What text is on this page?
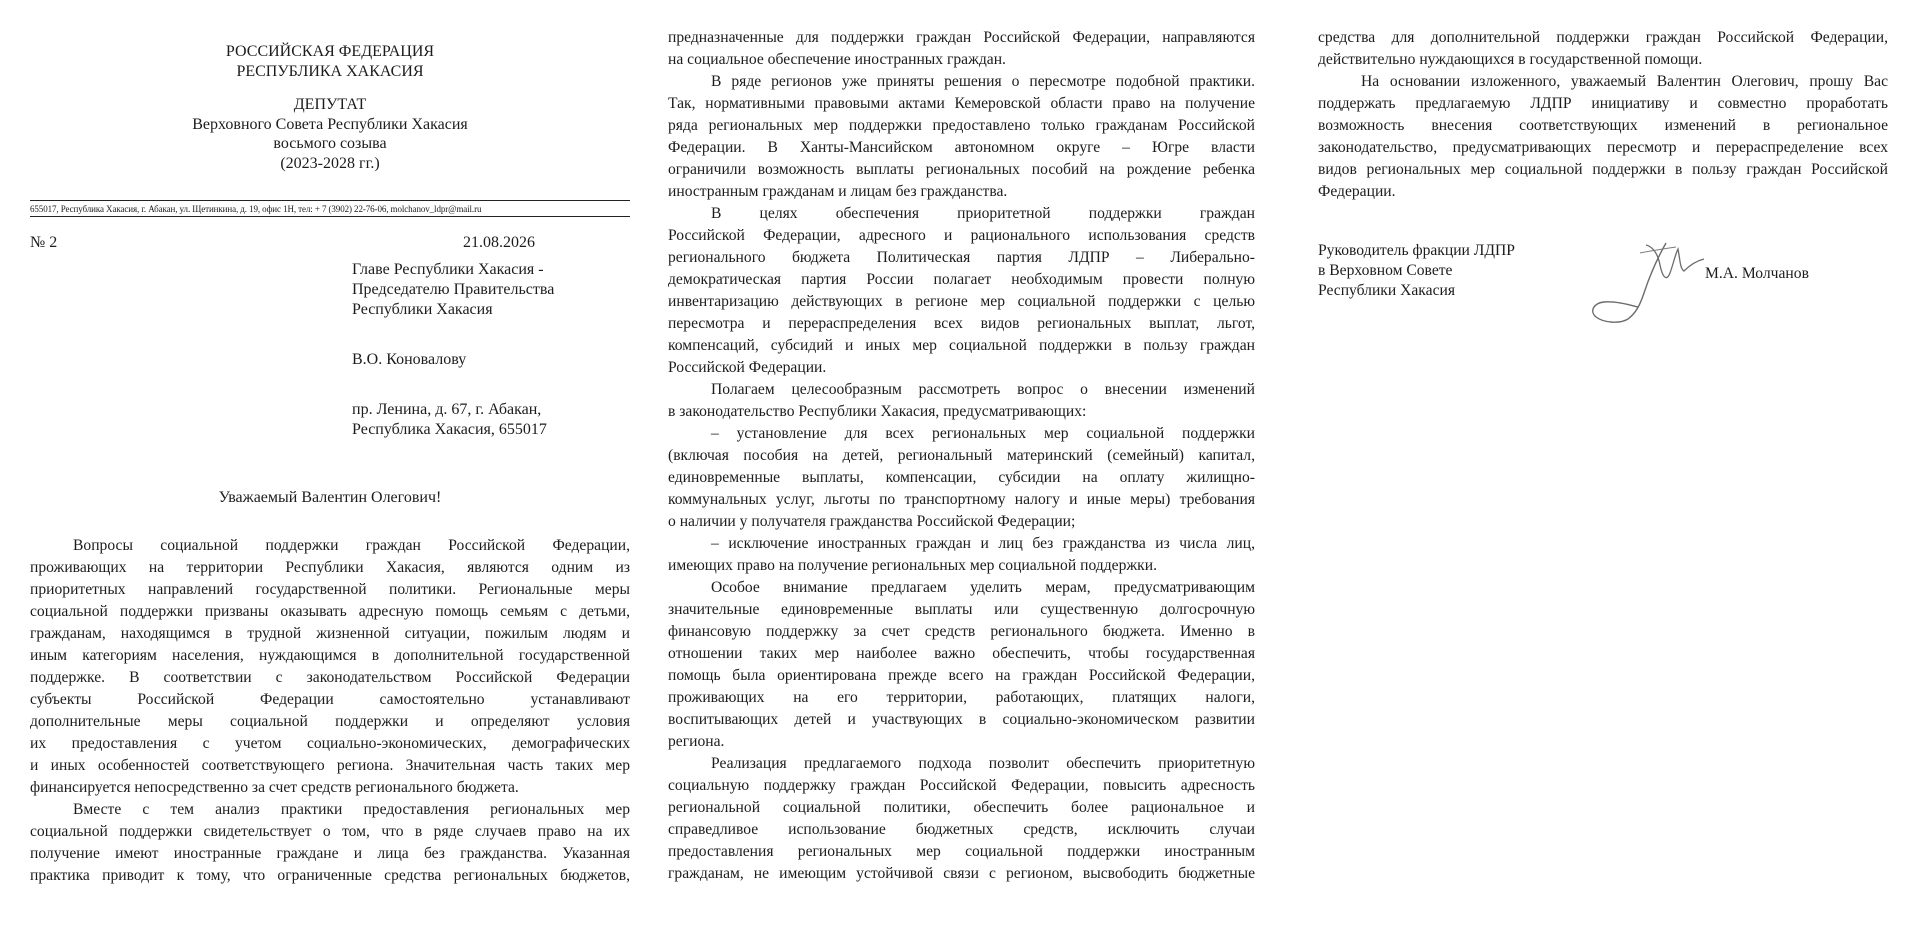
РОССИЙСКАЯ ФЕДЕРАЦИЯ
РЕСПУБЛИКА ХАКАСИЯ
ДЕПУТАТ
Верховного Совета Республики Хакасия
восьмого созыва
(2023-2028 гг.)
655017, Республика Хакасия, г. Абакан, ул. Щетинкина, д. 19, офис 1Н, тел: + 7 (3902) 22-76-06, molchanov_ldpr@mail.ru
№ 2	21.08.2026
Главе Республики Хакасия -
Председателю Правительства
Республики Хакасия
В.О. Коновалову
пр. Ленина, д. 67, г. Абакан,
Республика Хакасия, 655017
Уважаемый Валентин Олегович!

Вопросы социальной поддержки граждан Российской Федерации,

проживающих на территории Республики Хакасия, являются одним из

приоритетных направлений государственной политики. Региональные меры

социальной поддержки призваны оказывать адресную помощь семьям с детьми,

гражданам, находящимся в трудной жизненной ситуации, пожилым людям и

иным категориям населения, нуждающимся в дополнительной государственной

поддержке. В соответствии с законодательством Российской Федерации

субъекты Российской Федерации самостоятельно устанавливают

дополнительные меры социальной поддержки и определяют условия

их предоставления с учетом социально-экономических, демографических

и иных особенностей соответствующего региона. Значительная часть таких мер

финансируется непосредственно за счет средств регионального бюджета.

Вместе с тем анализ практики предоставления региональных мер

социальной поддержки свидетельствует о том, что в ряде случаев право на их

получение имеют иностранные граждане и лица без гражданства. Указанная

практика приводит к тому, что ограниченные средства региональных бюджетов,

предназначенные для поддержки граждан Российской Федерации, направляются

на социальное обеспечение иностранных граждан.

В ряде регионов уже приняты решения о пересмотре подобной практики.

Так, нормативными правовыми актами Кемеровской области право на получение

ряда региональных мер поддержки предоставлено только гражданам Российской

Федерации. В Ханты-Мансийском автономном округе – Югре власти

ограничили возможность выплаты региональных пособий на рождение ребенка

иностранным гражданам и лицам без гражданства.

В целях обеспечения приоритетной поддержки граждан

Российской Федерации, адресного и рационального использования средств

регионального бюджета Политическая партия ЛДПР – Либерально-

демократическая партия России полагает необходимым провести полную

инвентаризацию действующих в регионе мер социальной поддержки с целью

пересмотра и перераспределения всех видов региональных выплат, льгот,

компенсаций, субсидий и иных мер социальной поддержки в пользу граждан

Российской Федерации.

Полагаем целесообразным рассмотреть вопрос о внесении изменений

в законодательство Республики Хакасия, предусматривающих:

– установление для всех региональных мер социальной поддержки

(включая пособия на детей, региональный материнский (семейный) капитал,

единовременные выплаты, компенсации, субсидии на оплату жилищно-

коммунальных услуг, льготы по транспортному налогу и иные меры) требования

о наличии у получателя гражданства Российской Федерации;

– исключение иностранных граждан и лиц без гражданства из числа лиц,

имеющих право на получение региональных мер социальной поддержки.

Особое внимание предлагаем уделить мерам, предусматривающим

значительные единовременные выплаты или существенную долгосрочную

финансовую поддержку за счет средств регионального бюджета. Именно в

отношении таких мер наиболее важно обеспечить, чтобы государственная

помощь была ориентирована прежде всего на граждан Российской Федерации,

проживающих на его территории, работающих, платящих налоги,

воспитывающих детей и участвующих в социально-экономическом развитии

региона.

Реализация предлагаемого подхода позволит обеспечить приоритетную

социальную поддержку граждан Российской Федерации, повысить адресность

региональной социальной политики, обеспечить более рациональное и

справедливое использование бюджетных средств, исключить случаи

предоставления региональных мер социальной поддержки иностранным

гражданам, не имеющим устойчивой связи с регионом, высвободить бюджетные

средства для дополнительной поддержки граждан Российской Федерации,

действительно нуждающихся в государственной помощи.

На основании изложенного, уважаемый Валентин Олегович, прошу Вас

поддержать предлагаемую ЛДПР инициативу и совместно проработать

возможность внесения соответствующих изменений в региональное

законодательство, предусматривающих пересмотр и перераспределение всех

видов региональных мер социальной поддержки в пользу граждан Российской

Федерации.

Руководитель фракции ЛДПР
в Верховном Совете
Республики Хакасия
М.А. Молчанов
